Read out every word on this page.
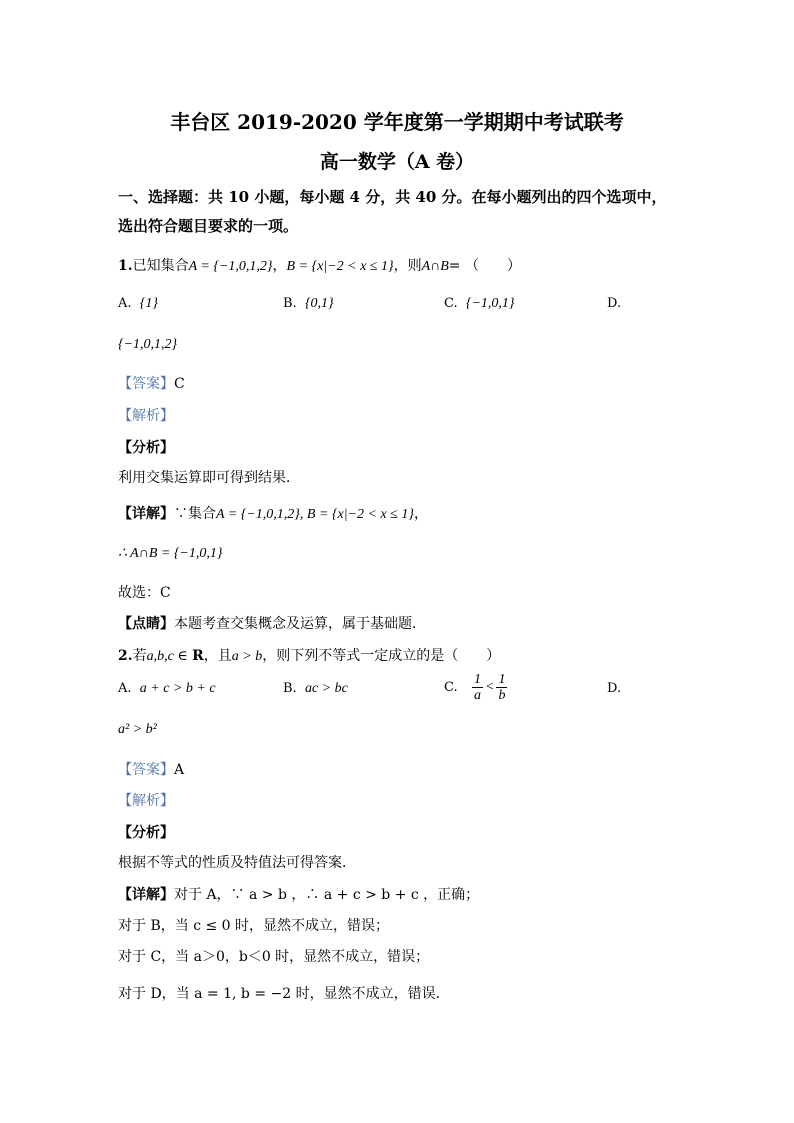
丰台区 2019-2020 学年度第一学期期中考试联考
高一数学（A 卷）
一、选择题：共 10 小题，每小题 4 分，共 40 分。在每小题列出的四个选项中，
选出符合题目要求的一项。
1.已知集合A = {−1,0,1,2}，B = {x|−2 < x ≤ 1}，则A∩B= （　　）
A. {1}	B. {0,1}	C. {−1,0,1}	D.
{−1,0,1,2}
【答案】C
【解析】
【分析】
利用交集运算即可得到结果．
【详解】∵集合A = {−1,0,1,2}, B = {x|−2 < x ≤ 1}，
∴ A∩B = {−1,0,1}
故选：C
【点睛】本题考查交集概念及运算，属于基础题．
2.若a,b,c ∈ R，且a > b，则下列不等式一定成立的是（　　）
A. a + c > b + c	B. ac > bc	C. $\frac{1}{a} < \frac{1}{b}$	D.
a² > b²
【答案】A
【解析】
【分析】
根据不等式的性质及特值法可得答案．
【详解】对于 A，∵ a > b ，∴ a + c > b + c ，正确；
对于 B，当 c ≤ 0 时，显然不成立，错误；
对于 C，当 a＞0，b＜0 时，显然不成立，错误；
对于 D，当 a = 1, b = −2 时，显然不成立，错误．
